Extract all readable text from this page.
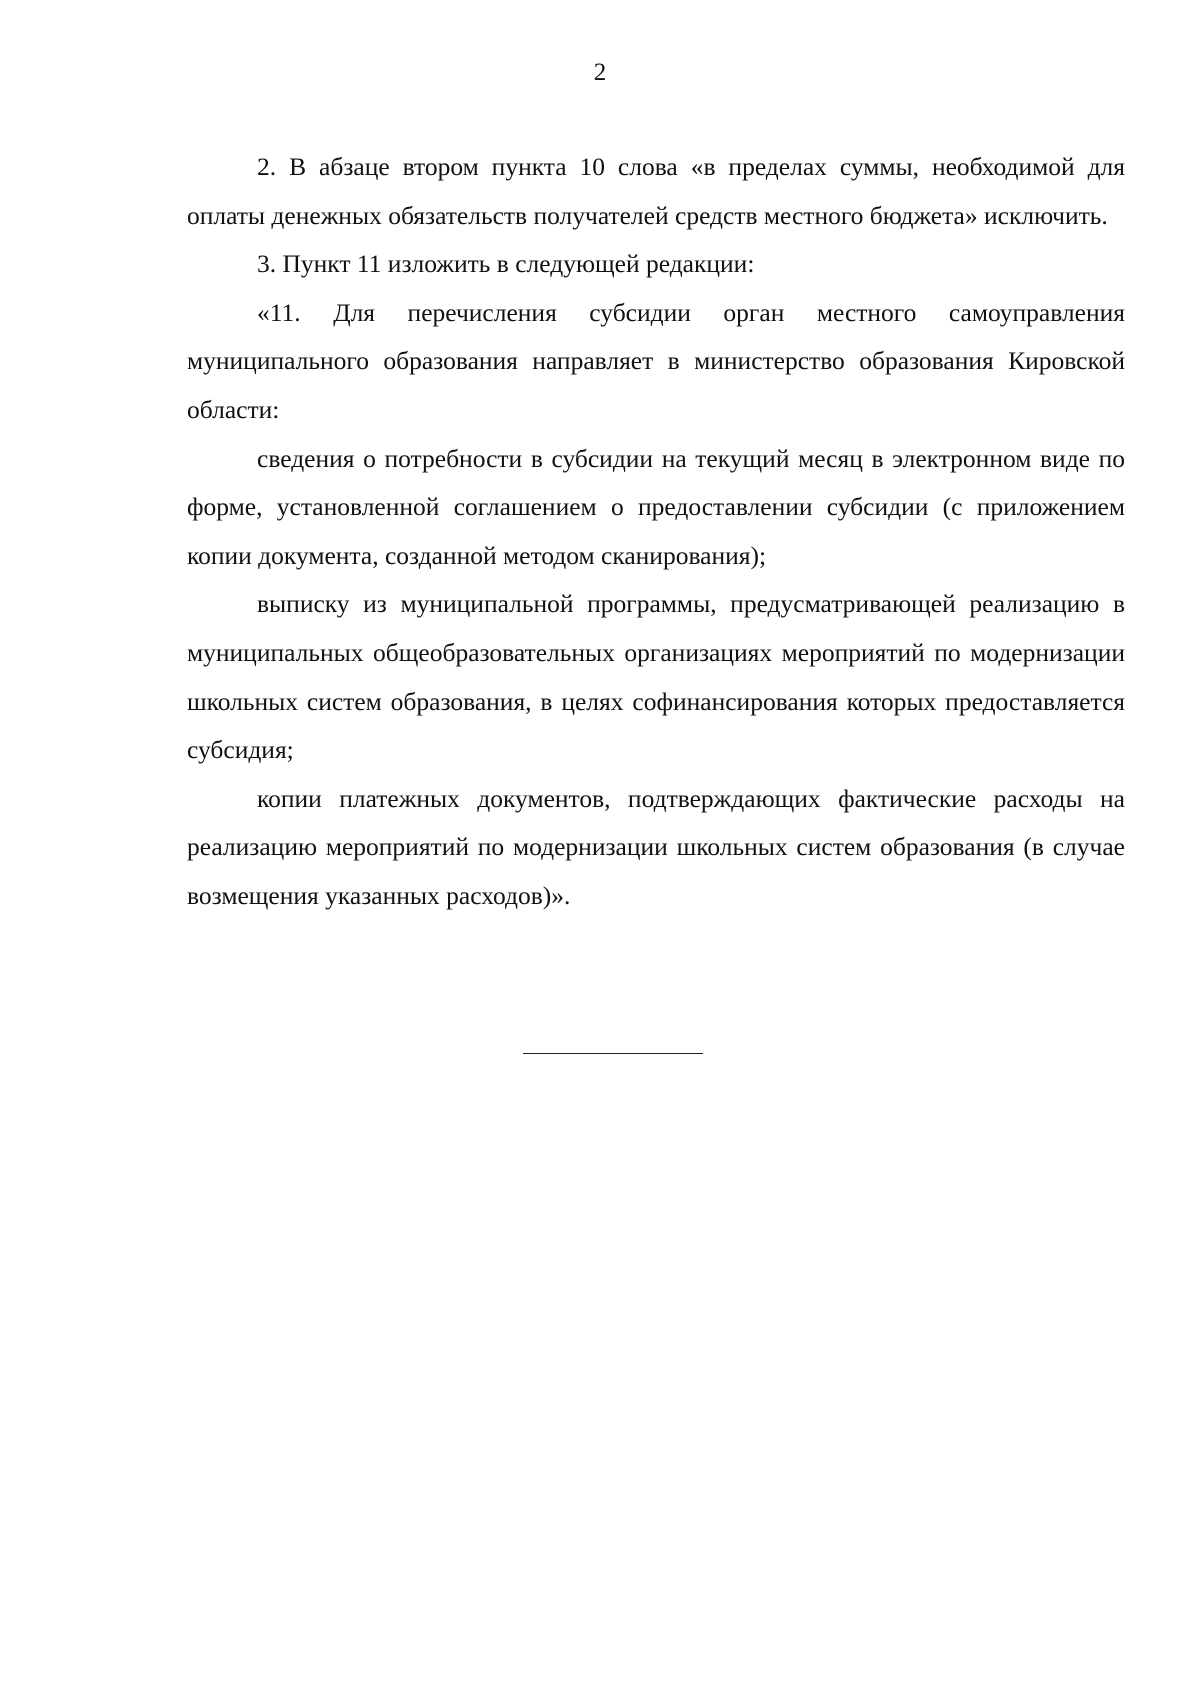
2

2. В абзаце втором пункта 10 слова «в пределах суммы, необходимой для оплаты денежных обязательств получателей средств местного бюджета» исключить.

3. Пункт 11 изложить в следующей редакции:

«11. Для перечисления субсидии орган местного самоуправления муниципального образования направляет в министерство образования Кировской области:

сведения о потребности в субсидии на текущий месяц в электронном виде по форме, установленной соглашением о предоставлении субсидии (с приложением копии документа, созданной методом сканирования);

выписку из муниципальной программы, предусматривающей реализацию в муниципальных общеобразовательных организациях мероприятий по модернизации школьных систем образования, в целях софинансирования которых предоставляется субсидия;

копии платежных документов, подтверждающих фактические расходы на реализацию мероприятий по модернизации школьных систем образования (в случае возмещения указанных расходов)».
